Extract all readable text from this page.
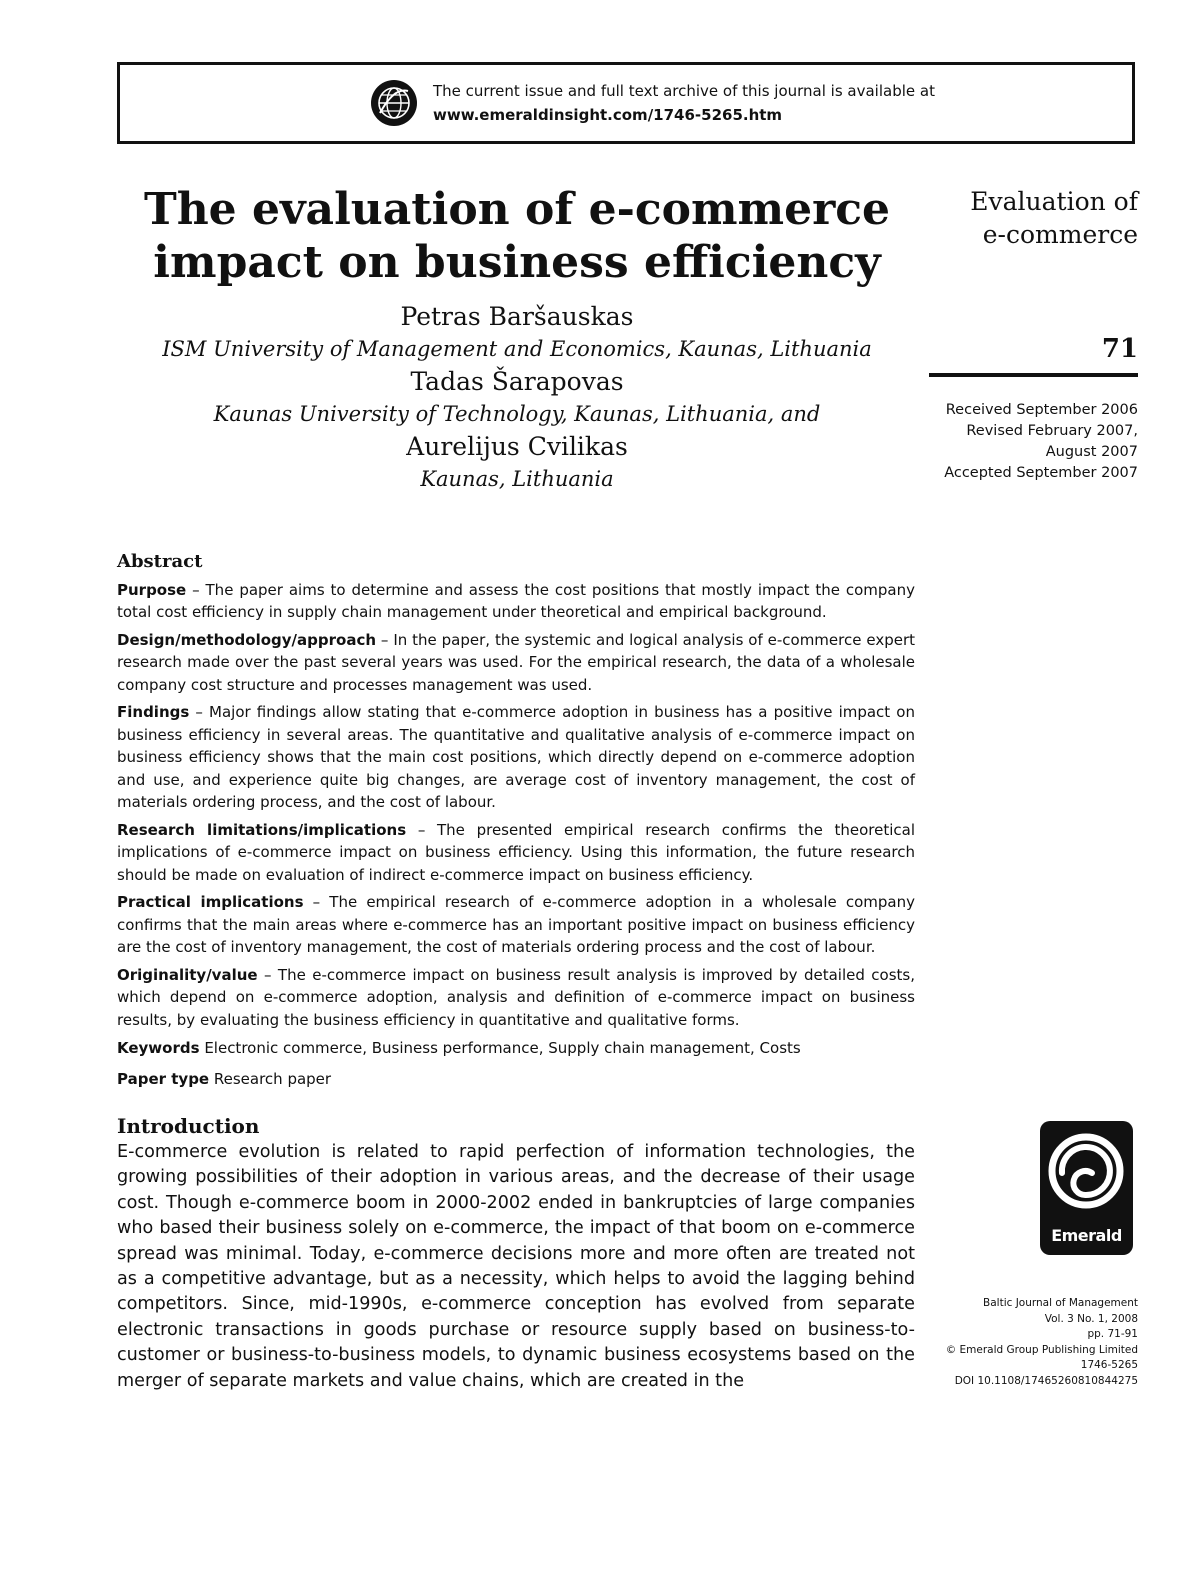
The current issue and full text archive of this journal is available at
www.emeraldinsight.com/1746-5265.htm
The evaluation of e-commerce
impact on business efficiency
Petras Baršauskas
ISM University of Management and Economics, Kaunas, Lithuania
Tadas Šarapovas
Kaunas University of Technology, Kaunas, Lithuania, and
Aurelijus Cvilikas
Kaunas, Lithuania
Evaluation of
e-commerce
71
Received September 2006
Revised February 2007,
August 2007
Accepted September 2007
Abstract
Purpose – The paper aims to determine and assess the cost positions that mostly impact the company total cost efficiency in supply chain management under theoretical and empirical background.
Design/methodology/approach – In the paper, the systemic and logical analysis of e-commerce expert research made over the past several years was used. For the empirical research, the data of a wholesale company cost structure and processes management was used.
Findings – Major findings allow stating that e-commerce adoption in business has a positive impact on business efficiency in several areas. The quantitative and qualitative analysis of e-commerce impact on business efficiency shows that the main cost positions, which directly depend on e-commerce adoption and use, and experience quite big changes, are average cost of inventory management, the cost of materials ordering process, and the cost of labour.
Research limitations/implications – The presented empirical research confirms the theoretical implications of e-commerce impact on business efficiency. Using this information, the future research should be made on evaluation of indirect e-commerce impact on business efficiency.
Practical implications – The empirical research of e-commerce adoption in a wholesale company confirms that the main areas where e-commerce has an important positive impact on business efficiency are the cost of inventory management, the cost of materials ordering process and the cost of labour.
Originality/value – The e-commerce impact on business result analysis is improved by detailed costs, which depend on e-commerce adoption, analysis and definition of e-commerce impact on business results, by evaluating the business efficiency in quantitative and qualitative forms.
Keywords Electronic commerce, Business performance, Supply chain management, Costs
Paper type Research paper
Introduction
E-commerce evolution is related to rapid perfection of information technologies, the growing possibilities of their adoption in various areas, and the decrease of their usage cost. Though e-commerce boom in 2000-2002 ended in bankruptcies of large companies who based their business solely on e-commerce, the impact of that boom on e-commerce spread was minimal. Today, e-commerce decisions more and more often are treated not as a competitive advantage, but as a necessity, which helps to avoid the lagging behind competitors. Since, mid-1990s, e-commerce conception has evolved from separate electronic transactions in goods purchase or resource supply based on business-to-customer or business-to-business models, to dynamic business ecosystems based on the merger of separate markets and value chains, which are created in the
Emerald
Baltic Journal of Management
Vol. 3 No. 1, 2008
pp. 71-91
© Emerald Group Publishing Limited
1746-5265
DOI 10.1108/17465260810844275
